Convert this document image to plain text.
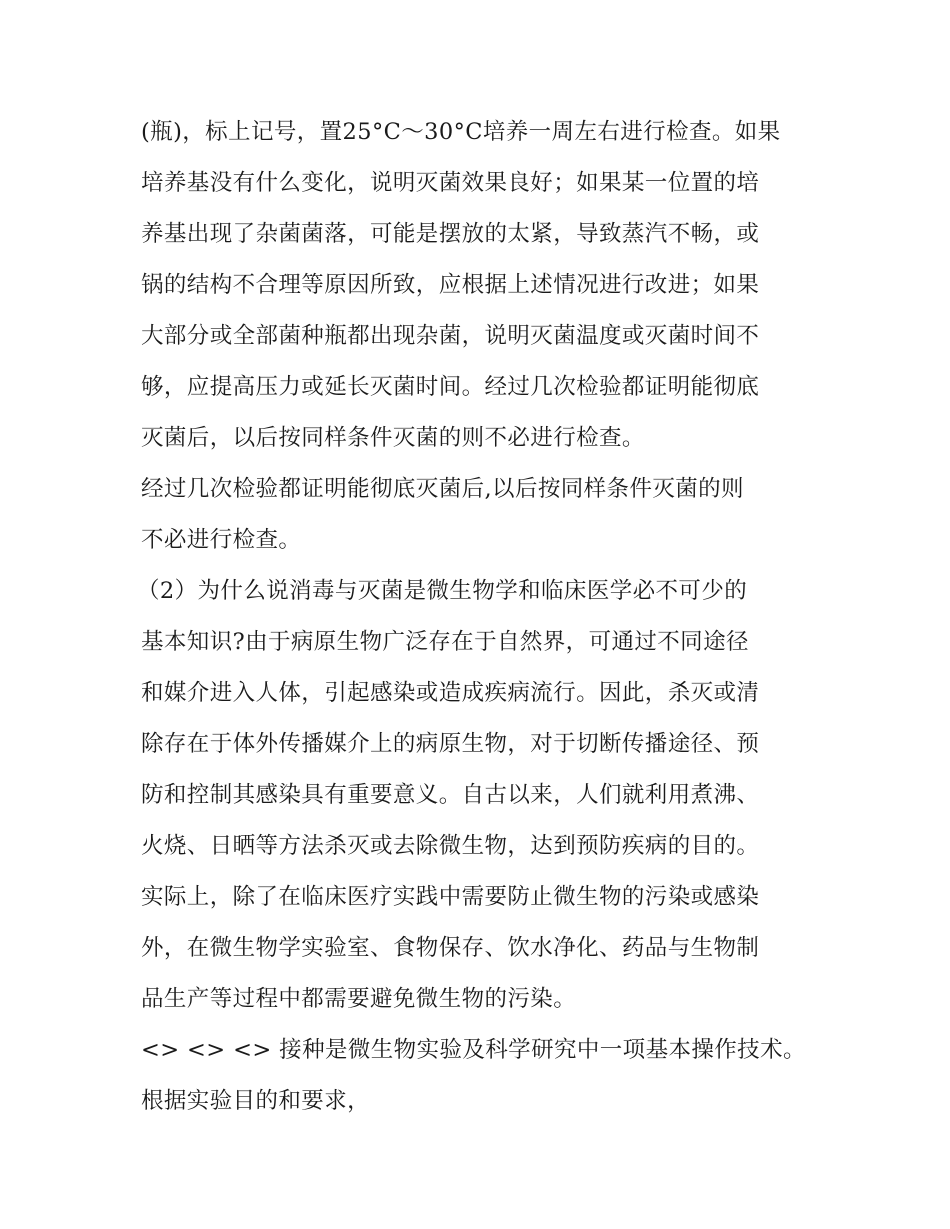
(瓶)，标上记号，置25°C～30°C培养一周左右进行检查。如果
培养基没有什么变化，说明灭菌效果良好；如果某一位置的培
养基出现了杂菌菌落，可能是摆放的太紧，导致蒸汽不畅，或
锅的结构不合理等原因所致，应根据上述情况进行改进；如果
大部分或全部菌种瓶都出现杂菌，说明灭菌温度或灭菌时间不
够，应提高压力或延长灭菌时间。经过几次检验都证明能彻底
灭菌后，以后按同样条件灭菌的则不必进行检查。
经过几次检验都证明能彻底灭菌后,以后按同样条件灭菌的则
不必进行检查。
（2）为什么说消毒与灭菌是微生物学和临床医学必不可少的
基本知识?由于病原生物广泛存在于自然界，可通过不同途径
和媒介进入人体，引起感染或造成疾病流行。因此，杀灭或清
除存在于体外传播媒介上的病原生物，对于切断传播途径、预
防和控制其感染具有重要意义。自古以来，人们就利用煮沸、
火烧、日晒等方法杀灭或去除微生物，达到预防疾病的目的。
实际上，除了在临床医疗实践中需要防止微生物的污染或感染
外，在微生物学实验室、食物保存、饮水净化、药品与生物制
品生产等过程中都需要避免微生物的污染。
<> <> <> 接种是微生物实验及科学研究中一项基本操作技术。
根据实验目的和要求，
